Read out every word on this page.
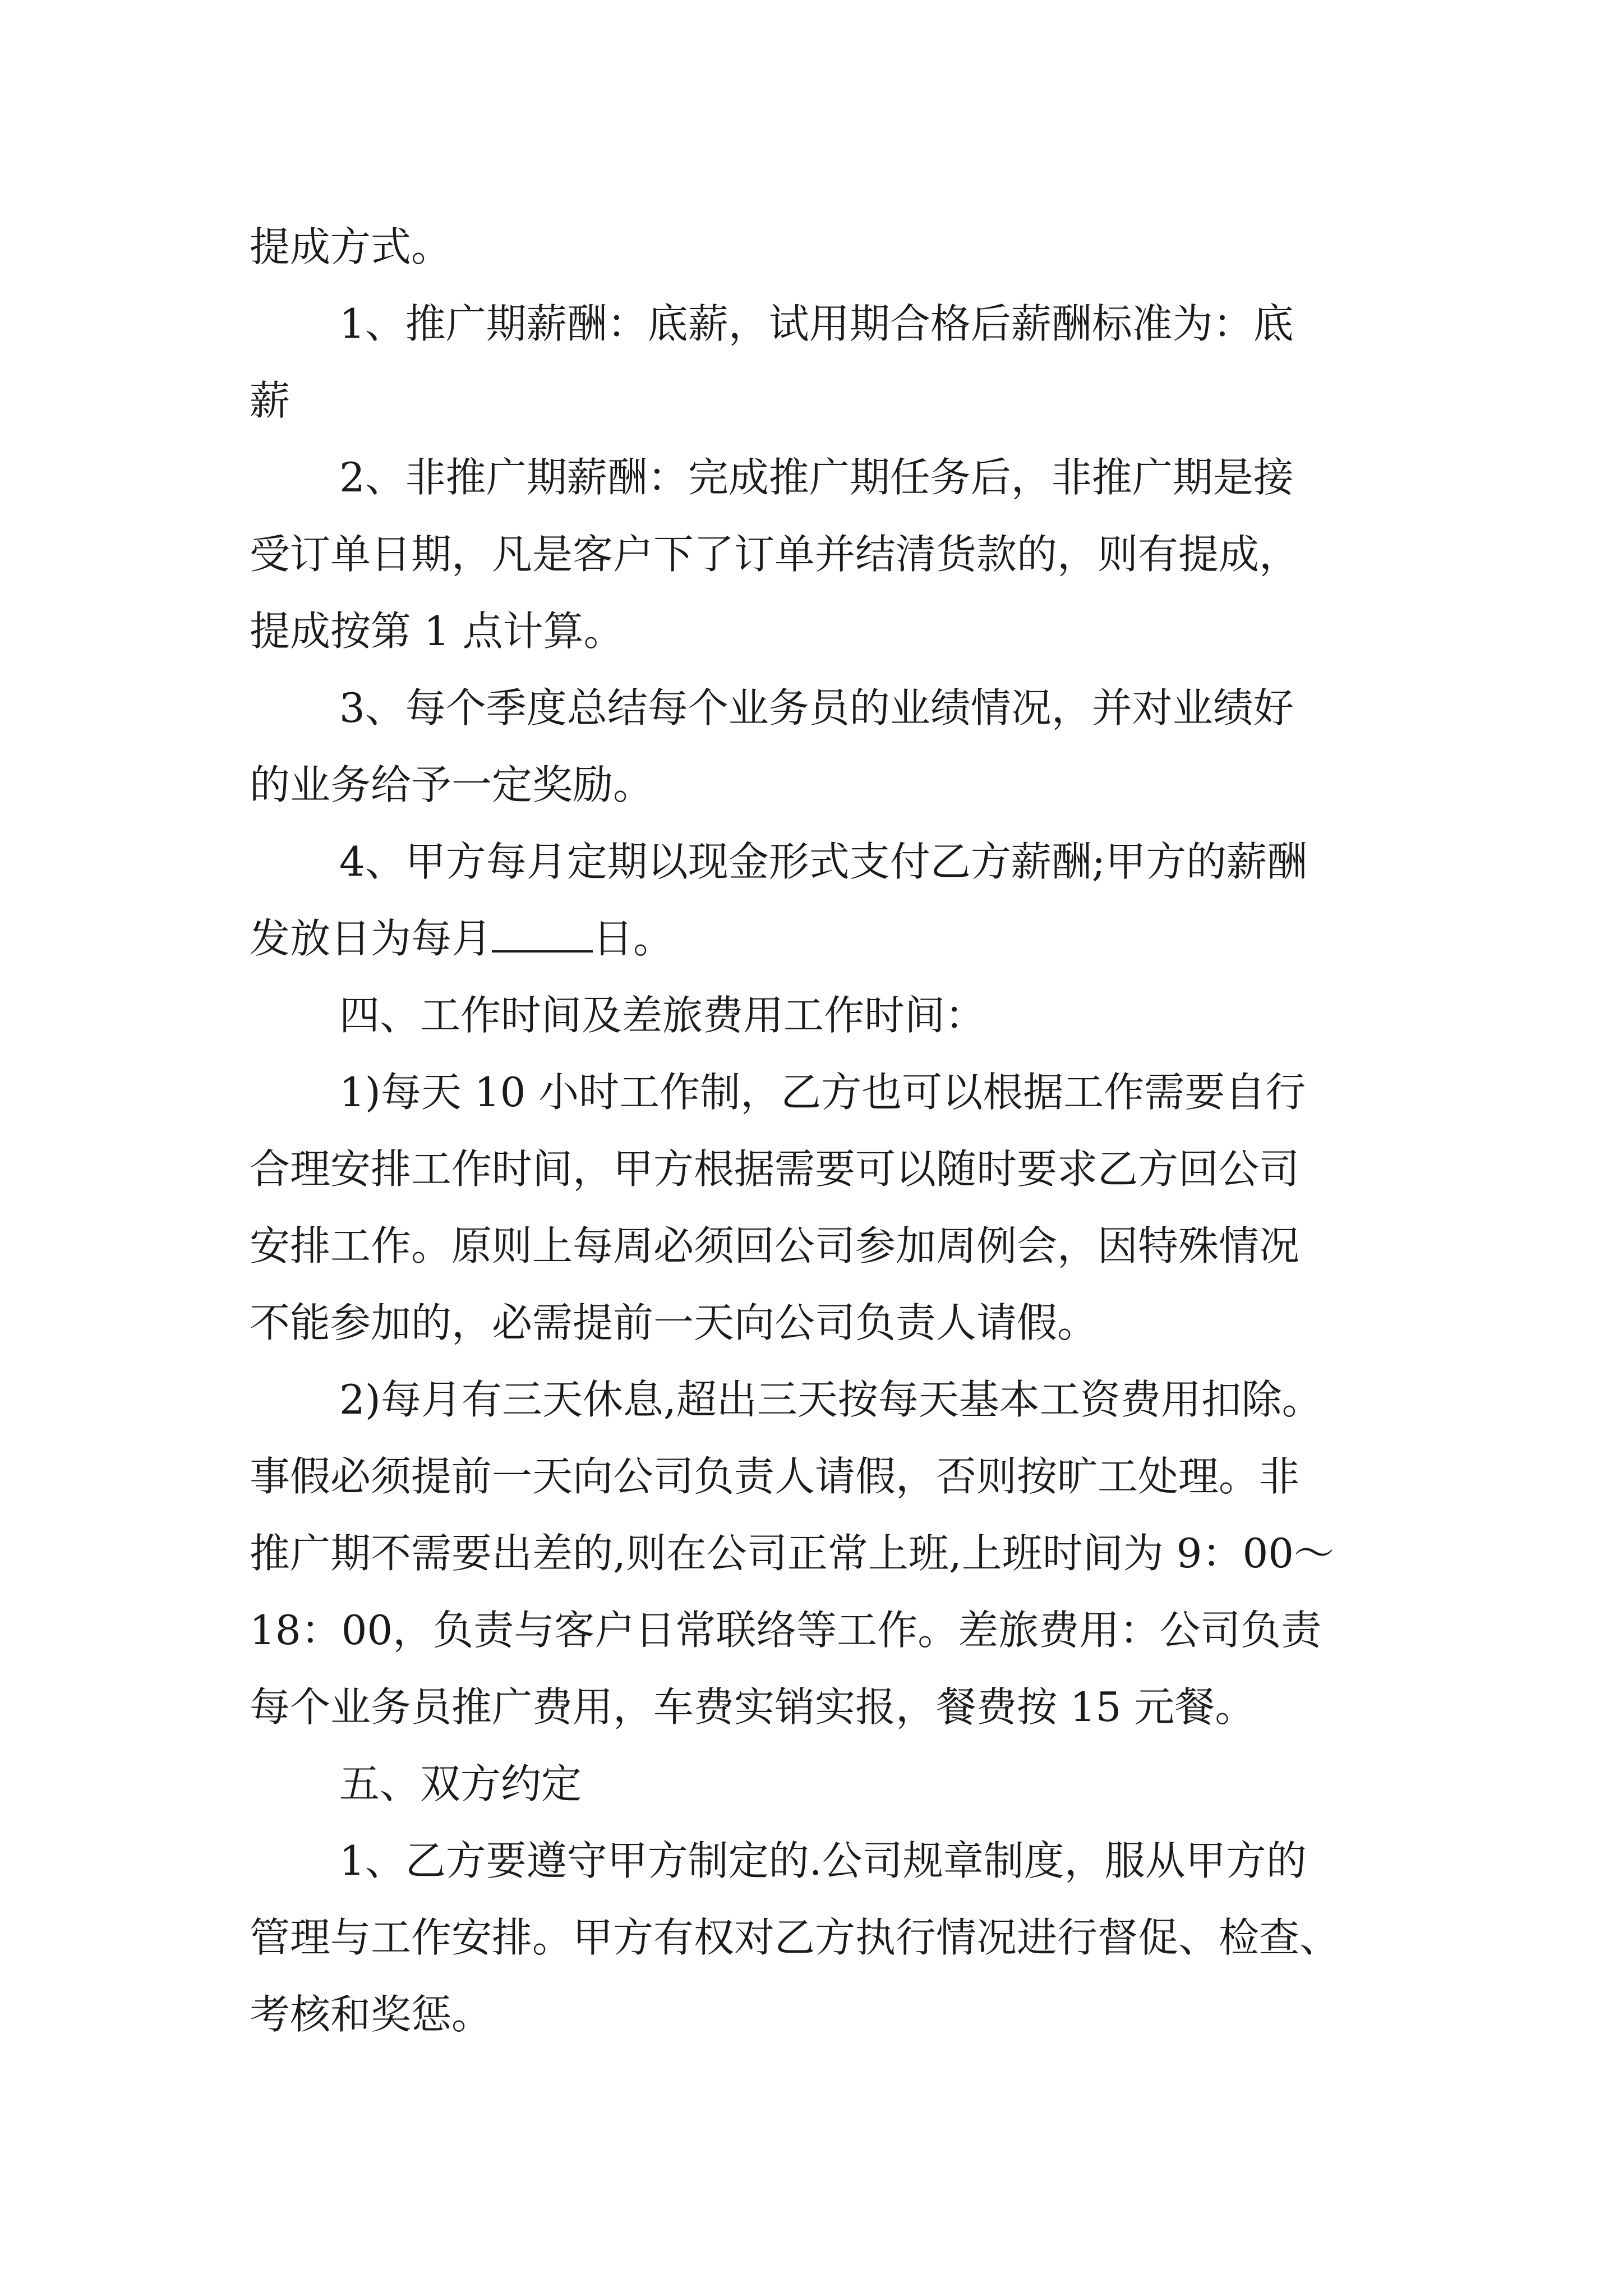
提成方式。
1、推广期薪酬：底薪，试用期合格后薪酬标准为：底
薪
2、非推广期薪酬：完成推广期任务后，非推广期是接
受订单日期，凡是客户下了订单并结清货款的，则有提成，
提成按第 1 点计算。
3、每个季度总结每个业务员的业绩情况，并对业绩好
的业务给予一定奖励。
4、甲方每月定期以现金形式支付乙方薪酬;甲方的薪酬
发放日为每月	日。
四、工作时间及差旅费用工作时间：
1)每天 10 小时工作制，乙方也可以根据工作需要自行
合理安排工作时间，甲方根据需要可以随时要求乙方回公司
安排工作。原则上每周必须回公司参加周例会，因特殊情况
不能参加的，必需提前一天向公司负责人请假。
2)每月有三天休息,超出三天按每天基本工资费用扣除。
事假必须提前一天向公司负责人请假，否则按旷工处理。非
推广期不需要出差的,则在公司正常上班,上班时间为 9：00～
18：00，负责与客户日常联络等工作。差旅费用：公司负责
每个业务员推广费用，车费实销实报，餐费按 15 元餐。
五、双方约定
1、乙方要遵守甲方制定的.公司规章制度，服从甲方的
管理与工作安排。甲方有权对乙方执行情况进行督促、检查、
考核和奖惩。
